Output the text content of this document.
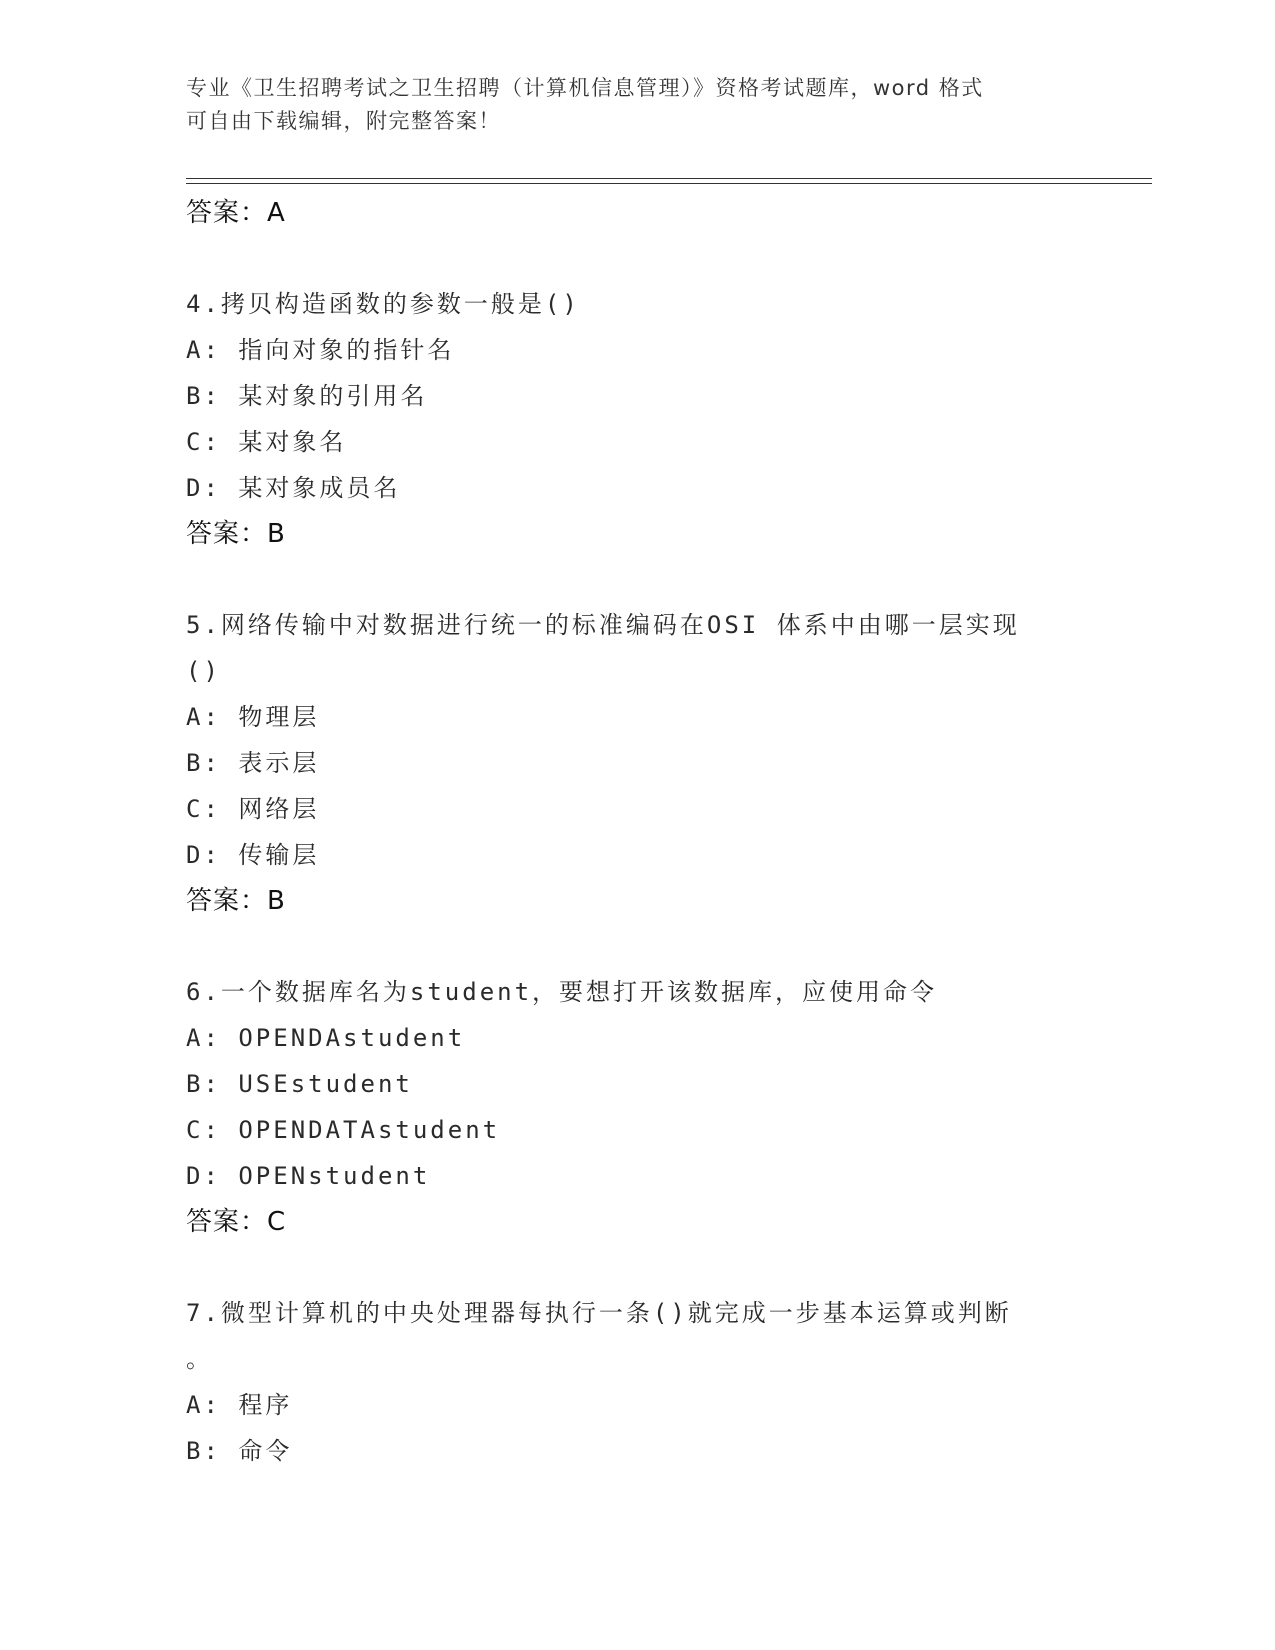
专业《卫生招聘考试之卫生招聘（计算机信息管理）》资格考试题库，word 格式
可自由下载编辑，附完整答案！
答案：A
4.拷贝构造函数的参数一般是()
A: 指向对象的指针名
B: 某对象的引用名
C: 某对象名
D: 某对象成员名
答案：B
5.网络传输中对数据进行统一的标准编码在OSI 体系中由哪一层实现
()
A: 物理层
B: 表示层
C: 网络层
D: 传输层
答案：B
6.一个数据库名为student，要想打开该数据库，应使用命令
A: OPENDAstudent
B: USEstudent
C: OPENDATAstudent
D: OPENstudent
答案：C
7.微型计算机的中央处理器每执行一条()就完成一步基本运算或判断
。
A: 程序
B: 命令
